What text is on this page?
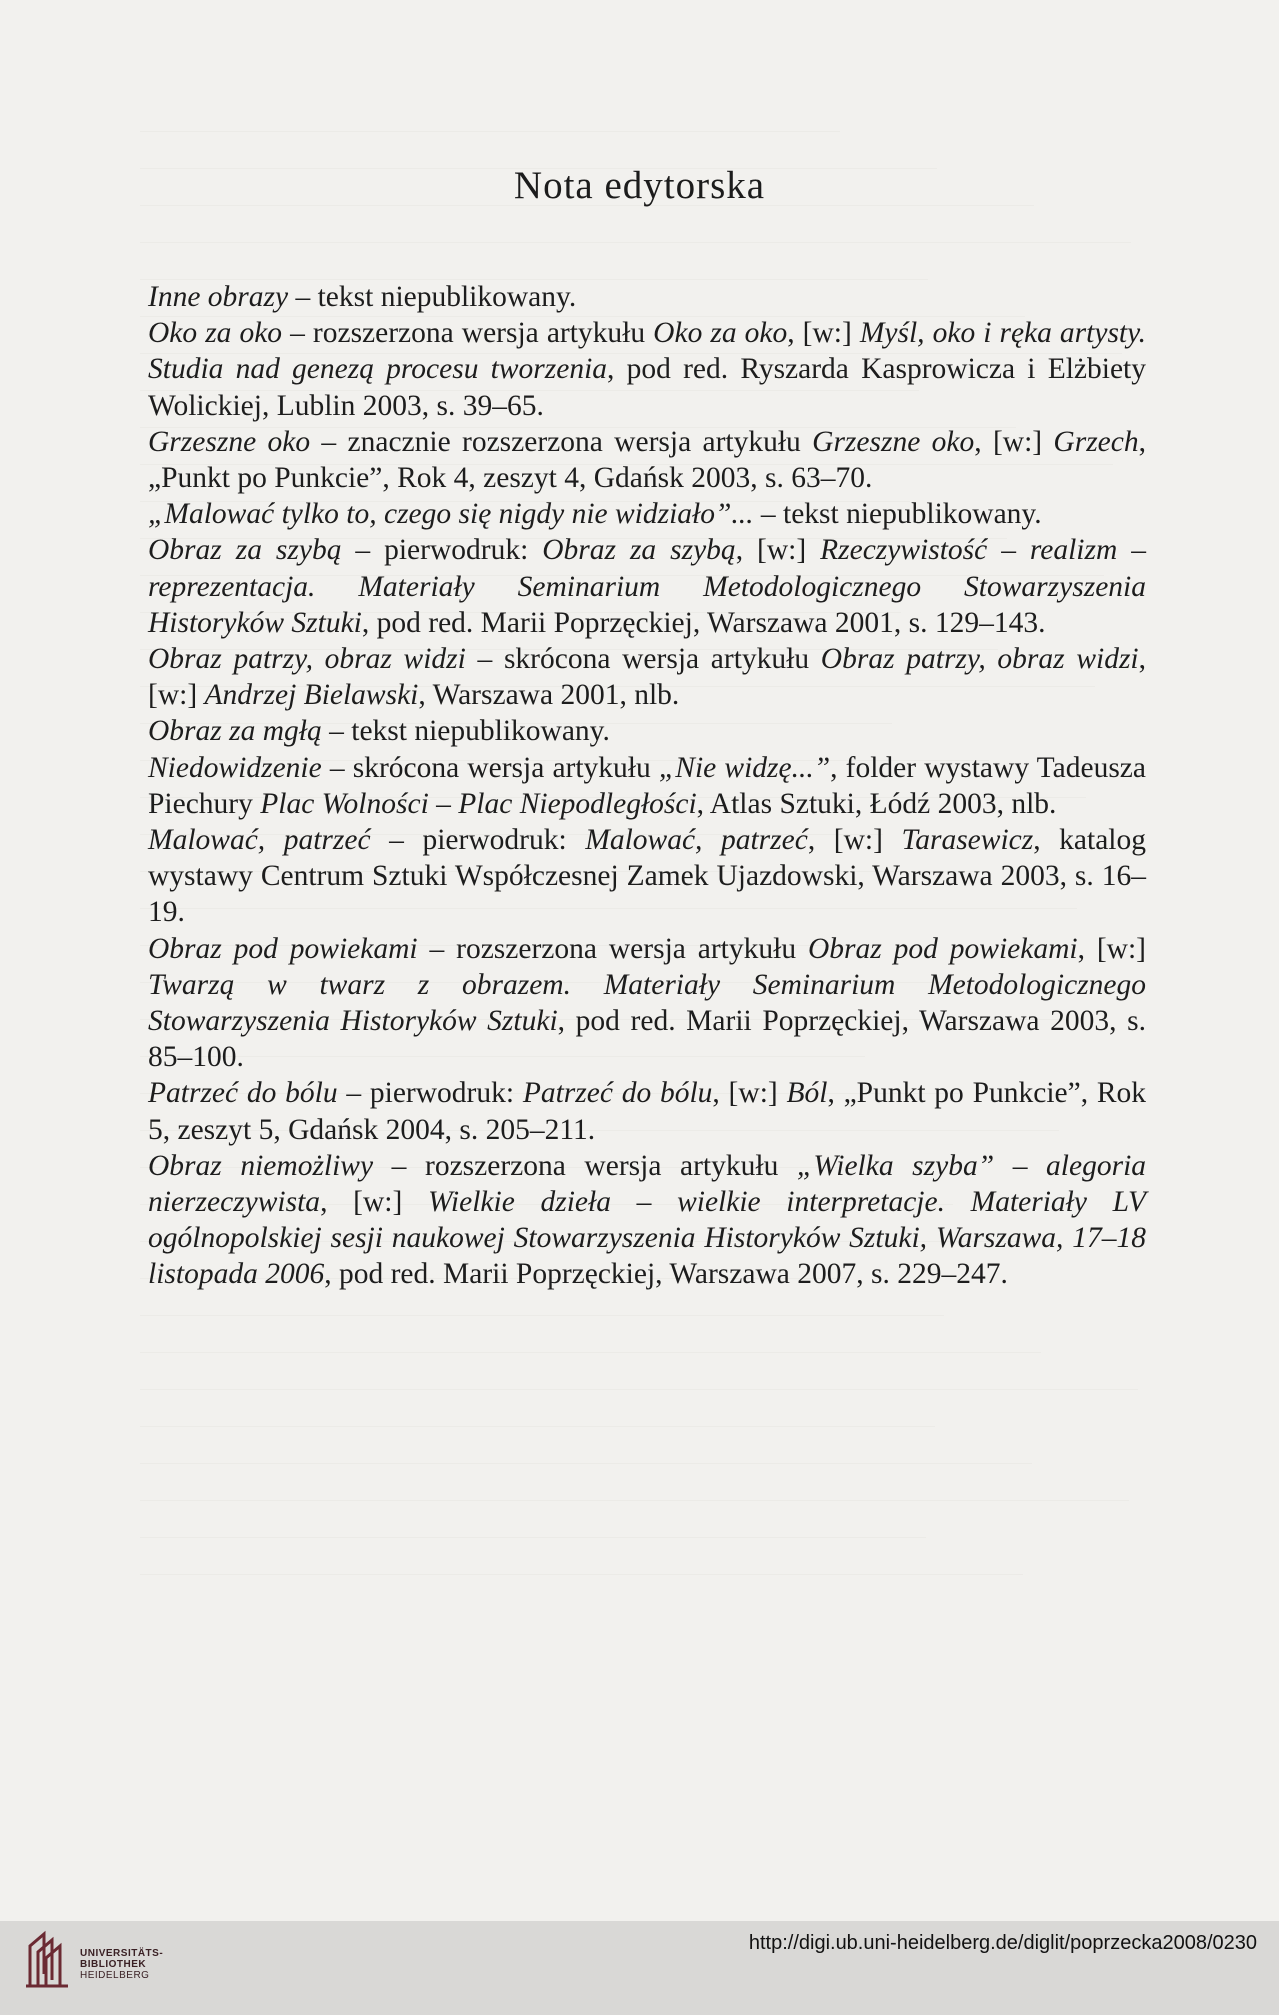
Nota edytorska

Inne obrazy – tekst niepublikowany.

Oko za oko – rozszerzona wersja artykułu Oko za oko, [w:] Myśl, oko i ręka artysty. Studia nad genezą procesu tworzenia, pod red. Ryszarda Kasprowicza i Elżbiety Wolickiej, Lublin 2003, s. 39–65.

Grzeszne oko – znacznie rozszerzona wersja artykułu Grzeszne oko, [w:] Grzech, „Punkt po Punkcie”, Rok 4, zeszyt 4, Gdańsk 2003, s. 63–70.

„Malować tylko to, czego się nigdy nie widziało”... – tekst niepublikowany.

Obraz za szybą – pierwodruk: Obraz za szybą, [w:] Rzeczywistość – realizm – reprezentacja. Materiały Seminarium Metodologicznego Stowarzyszenia Historyków Sztuki, pod red. Marii Poprzęckiej, Warszawa 2001, s. 129–143.

Obraz patrzy, obraz widzi – skrócona wersja artykułu Obraz patrzy, obraz widzi, [w:] Andrzej Bielawski, Warszawa 2001, nlb.

Obraz za mgłą – tekst niepublikowany.

Niedowidzenie – skrócona wersja artykułu „Nie widzę...”, folder wystawy Tadeusza Piechury Plac Wolności – Plac Niepodległości, Atlas Sztuki, Łódź 2003, nlb.

Malować, patrzeć – pierwodruk: Malować, patrzeć, [w:] Tarasewicz, katalog wystawy Centrum Sztuki Współczesnej Zamek Ujazdowski, Warszawa 2003, s. 16–19.

Obraz pod powiekami – rozszerzona wersja artykułu Obraz pod powiekami, [w:] Twarzą w twarz z obrazem. Materiały Seminarium Metodologicznego Stowarzyszenia Historyków Sztuki, pod red. Marii Poprzęckiej, Warszawa 2003, s. 85–100.

Patrzeć do bólu – pierwodruk: Patrzeć do bólu, [w:] Ból, „Punkt po Punkcie”, Rok 5, zeszyt 5, Gdańsk 2004, s. 205–211.

Obraz niemożliwy – rozszerzona wersja artykułu „Wielka szyba” – alegoria nierzeczywista, [w:] Wielkie dzieła – wielkie interpretacje. Materiały LV ogólnopolskiej sesji naukowej Stowarzyszenia Historyków Sztuki, Warszawa, 17–18 listopada 2006, pod red. Marii Poprzęckiej, Warszawa 2007, s. 229–247.

UNIVERSITÄTS-
BIBLIOTHEK
HEIDELBERG
http://digi.ub.uni-heidelberg.de/diglit/poprzecka2008/0230
